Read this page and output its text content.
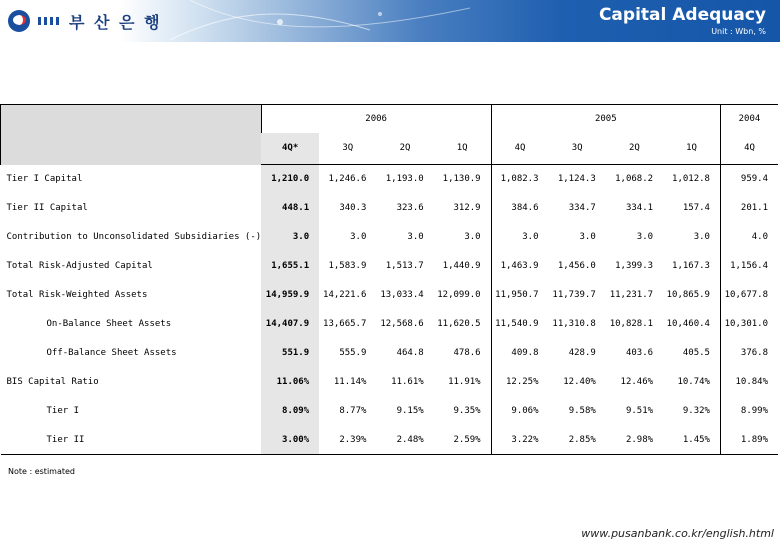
부 산 은 행	Capital Adequacy
Unit : Wbn, %
	2006				2005				2004
	4Q*	3Q	2Q	1Q	4Q	3Q	2Q	1Q	4Q
Tier I Capital	1,210.0	1,246.6	1,193.0	1,130.9	1,082.3	1,124.3	1,068.2	1,012.8	959.4
Tier II Capital	448.1	340.3	323.6	312.9	384.6	334.7	334.1	157.4	201.1
Contribution to Unconsolidated Subsidiaries (-)	3.0	3.0	3.0	3.0	3.0	3.0	3.0	3.0	4.0
Total Risk-Adjusted Capital	1,655.1	1,583.9	1,513.7	1,440.9	1,463.9	1,456.0	1,399.3	1,167.3	1,156.4
Total Risk-Weighted Assets	14,959.9	14,221.6	13,033.4	12,099.0	11,950.7	11,739.7	11,231.7	10,865.9	10,677.8
On-Balance Sheet Assets	14,407.9	13,665.7	12,568.6	11,620.5	11,540.9	11,310.8	10,828.1	10,460.4	10,301.0
Off-Balance Sheet Assets	551.9	555.9	464.8	478.6	409.8	428.9	403.6	405.5	376.8
BIS Capital Ratio	11.06%	11.14%	11.61%	11.91%	12.25%	12.40%	12.46%	10.74%	10.84%
Tier I	8.09%	8.77%	9.15%	9.35%	9.06%	9.58%	9.51%	9.32%	8.99%
Tier II	3.00%	2.39%	2.48%	2.59%	3.22%	2.85%	2.98%	1.45%	1.89%
Note : estimated
www.pusanbank.co.kr/english.html
